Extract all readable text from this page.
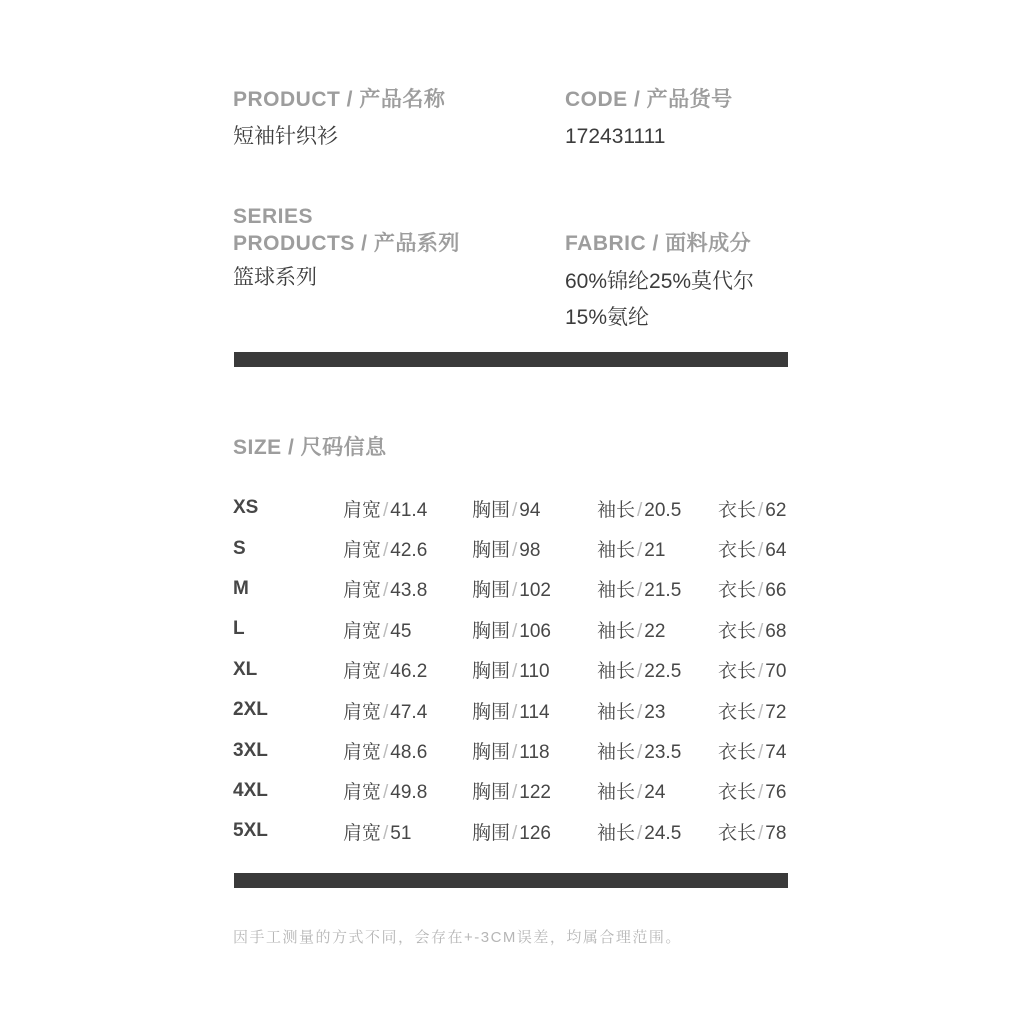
PRODUCT / 产品名称
短袖针织衫
CODE / 产品货号
172431111
SERIES
PRODUCTS / 产品系列
篮球系列
FABRIC / 面料成分
60%锦纶25%莫代尔
15%氨纶
SIZE / 尺码信息
XS	肩宽 / 41.4	胸围 / 94	袖长 / 20.5	衣长 / 62
S	肩宽 / 42.6	胸围 / 98	袖长 / 21	衣长 / 64
M	肩宽 / 43.8	胸围 / 102	袖长 / 21.5	衣长 / 66
L	肩宽 / 45	胸围 / 106	袖长 / 22	衣长 / 68
XL	肩宽 / 46.2	胸围 / 110	袖长 / 22.5	衣长 / 70
2XL	肩宽 / 47.4	胸围 / 114	袖长 / 23	衣长 / 72
3XL	肩宽 / 48.6	胸围 / 118	袖长 / 23.5	衣长 / 74
4XL	肩宽 / 49.8	胸围 / 122	袖长 / 24	衣长 / 76
5XL	肩宽 / 51	胸围 / 126	袖长 / 24.5	衣长 / 78
因手工测量的方式不同，会存在+-3CM误差，均属合理范围。
